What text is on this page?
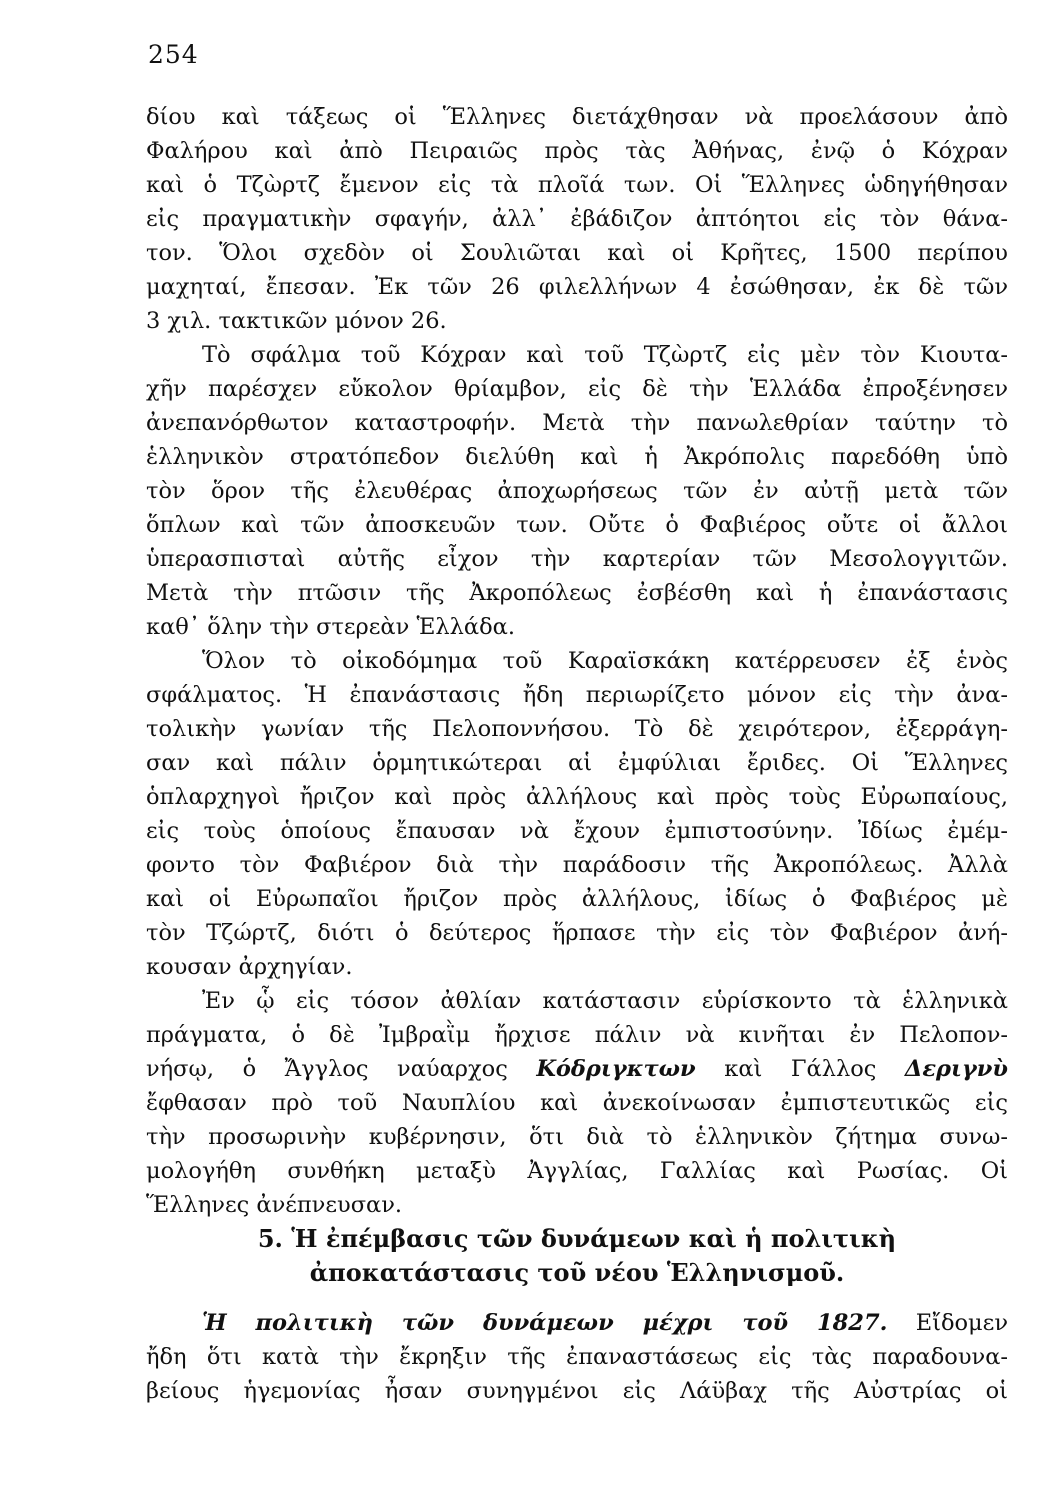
254
δίου καὶ τάξεως οἱ Ἕλληνες διετάχθησαν νὰ προελάσουν ἀπὸ
Φαλήρου καὶ ἀπὸ Πειραιῶς πρὸς τὰς Ἀθήνας, ἐνῷ ὁ Κόχραν
καὶ ὁ Τζὼρτζ ἔμενον εἰς τὰ πλοῖά των. Οἱ Ἕλληνες ὡδηγήθησαν
εἰς πραγματικὴν σφαγήν, ἀλλ᾿ ἐβάδιζον ἀπτόητοι εἰς τὸν θάνα-
τον. Ὅλοι σχεδὸν οἱ Σουλιῶται καὶ οἱ Κρῆτες, 1500 περίπου
μαχηταί, ἔπεσαν. Ἐκ τῶν 26 φιλελλήνων 4 ἐσώθησαν, ἐκ δὲ τῶν
3 χιλ. τακτικῶν μόνον 26.
Τὸ σφάλμα τοῦ Κόχραν καὶ τοῦ Τζὼρτζ εἰς μὲν τὸν Κιουτα-
χῆν παρέσχεν εὔκολον θρίαμβον, εἰς δὲ τὴν Ἑλλάδα ἐπροξένησεν
ἀνεπανόρθωτον καταστροφήν. Μετὰ τὴν πανωλεθρίαν ταύτην τὸ
ἑλληνικὸν στρατόπεδον διελύθη καὶ ἡ Ἀκρόπολις παρεδόθη ὑπὸ
τὸν ὅρον τῆς ἐλευθέρας ἀποχωρήσεως τῶν ἐν αὐτῇ μετὰ τῶν
ὅπλων καὶ τῶν ἀποσκευῶν των. Οὔτε ὁ Φαβιέρος οὔτε οἱ ἄλλοι
ὑπερασπισταὶ αὐτῆς εἶχον τὴν καρτερίαν τῶν Μεσολογγιτῶν.
Μετὰ τὴν πτῶσιν τῆς Ἀκροπόλεως ἐσβέσθη καὶ ἡ ἐπανάστασις
καθ᾿ ὅλην τὴν στερεὰν Ἑλλάδα.
Ὅλον τὸ οἰκοδόμημα τοῦ Καραϊσκάκη κατέρρευσεν ἐξ ἑνὸς
σφάλματος. Ἡ ἐπανάστασις ἤδη περιωρίζετο μόνον εἰς τὴν ἀνα-
τολικὴν γωνίαν τῆς Πελοποννήσου. Τὸ δὲ χειρότερον, ἐξερράγη-
σαν καὶ πάλιν ὁρμητικώτεραι αἱ ἐμφύλιαι ἔριδες. Οἱ Ἕλληνες
ὁπλαρχηγοὶ ἤριζον καὶ πρὸς ἀλλήλους καὶ πρὸς τοὺς Εὐρωπαίους,
εἰς τοὺς ὁποίους ἔπαυσαν νὰ ἔχουν ἐμπιστοσύνην. Ἰδίως ἐμέμ-
φοντο τὸν Φαβιέρον διὰ τὴν παράδοσιν τῆς Ἀκροπόλεως. Ἀλλὰ
καὶ οἱ Εὐρωπαῖοι ἤριζον πρὸς ἀλλήλους, ἰδίως ὁ Φαβιέρος μὲ
τὸν Τζώρτζ, διότι ὁ δεύτερος ἥρπασε τὴν εἰς τὸν Φαβιέρον ἀνή-
κουσαν ἀρχηγίαν.
Ἐν ᾧ εἰς τόσον ἀθλίαν κατάστασιν εὑρίσκοντο τὰ ἑλληνικὰ
πράγματα, ὁ δὲ Ἰμβραῒμ ἤρχισε πάλιν νὰ κινῆται ἐν Πελοπον-
νήσῳ, ὁ Ἄγγλος ναύαρχος Κόδριγκτων καὶ Γάλλος Δεριγνὺ
ἔφθασαν πρὸ τοῦ Ναυπλίου καὶ ἀνεκοίνωσαν ἐμπιστευτικῶς εἰς
τὴν προσωρινὴν κυβέρνησιν, ὅτι διὰ τὸ ἑλληνικὸν ζήτημα συνω-
μολογήθη συνθήκη μεταξὺ Ἀγγλίας, Γαλλίας καὶ Ρωσίας. Οἱ
Ἕλληνες ἀνέπνευσαν.
5. Ἡ ἐπέμβασις τῶν δυνάμεων καὶ ἡ πολιτικὴ
ἀποκατάστασις τοῦ νέου Ἑλληνισμοῦ.
Ἡ πολιτικὴ τῶν δυνάμεων μέχρι τοῦ 1827. Εἴδομεν
ἤδη ὅτι κατὰ τὴν ἔκρηξιν τῆς ἐπαναστάσεως εἰς τὰς παραδουνα-
βείους ἡγεμονίας ἦσαν συνηγμένοι εἰς Λάϋβαχ τῆς Αὐστρίας οἱ
